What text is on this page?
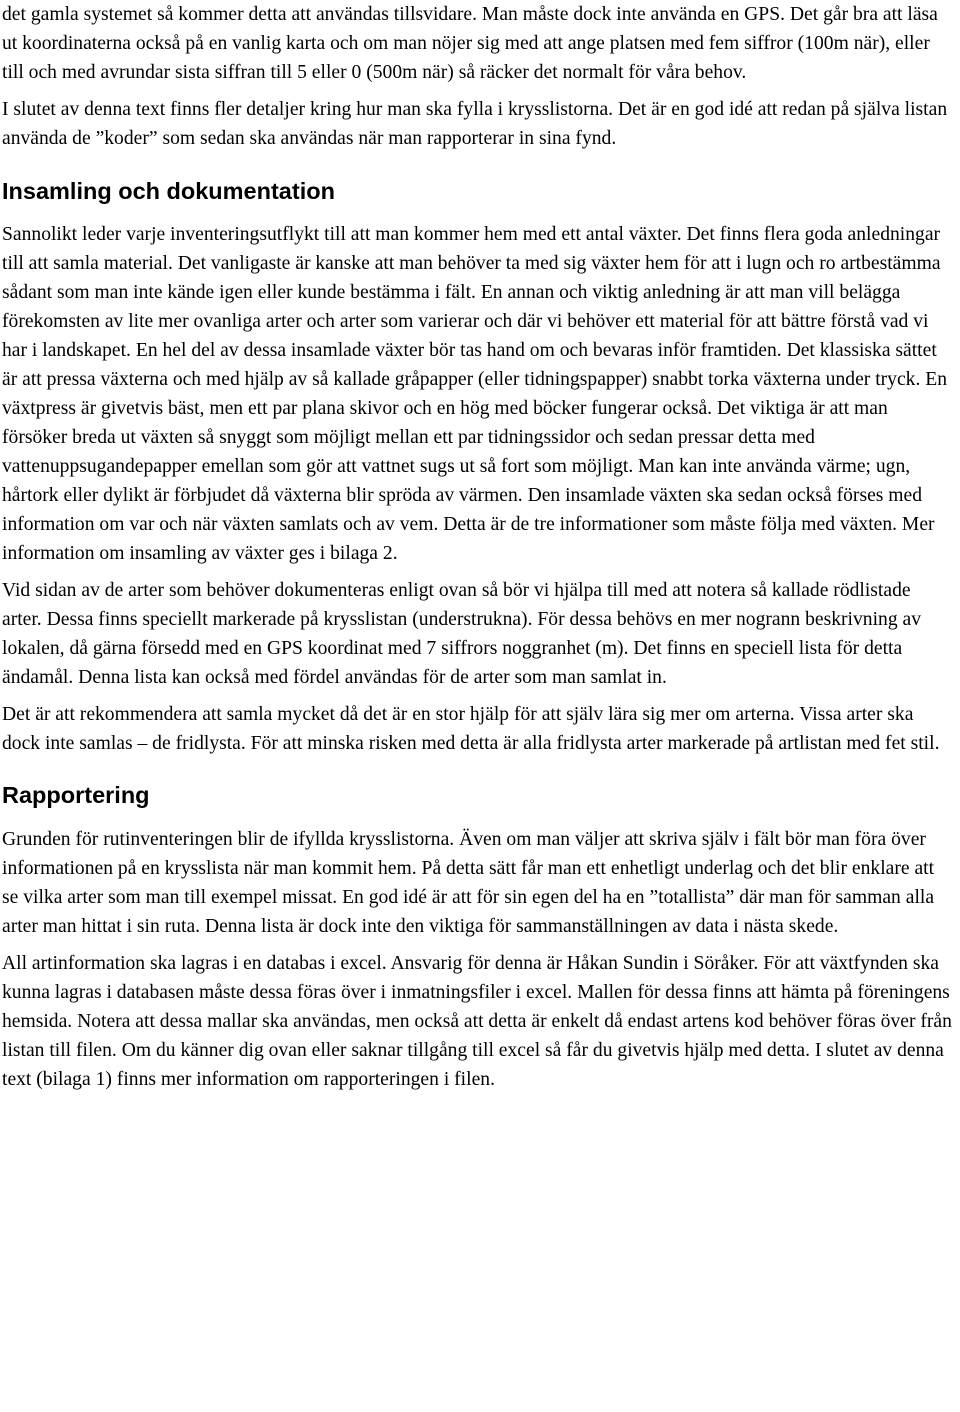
det gamla systemet så kommer detta att användas tillsvidare. Man måste dock inte använda en GPS. Det går bra att läsa ut koordinaterna också på en vanlig karta och om man nöjer sig med att ange platsen med fem siffror (100m när), eller till och med avrundar sista siffran till 5 eller 0 (500m när) så räcker det normalt för våra behov.

I slutet av denna text finns fler detaljer kring hur man ska fylla i krysslistorna. Det är en god idé att redan på själva listan använda de ”koder” som sedan ska användas när man rapporterar in sina fynd.

Insamling och dokumentation

Sannolikt leder varje inventeringsutflykt till att man kommer hem med ett antal växter. Det finns flera goda anledningar till att samla material. Det vanligaste är kanske att man behöver ta med sig växter hem för att i lugn och ro artbestämma sådant som man inte kände igen eller kunde bestämma i fält. En annan och viktig anledning är att man vill belägga förekomsten av lite mer ovanliga arter och arter som varierar och där vi behöver ett material för att bättre förstå vad vi har i landskapet. En hel del av dessa insamlade växter bör tas hand om och bevaras inför framtiden. Det klassiska sättet är att pressa växterna och med hjälp av så kallade gråpapper (eller tidningspapper) snabbt torka växterna under tryck. En växtpress är givetvis bäst, men ett par plana skivor och en hög med böcker fungerar också. Det viktiga är att man försöker breda ut växten så snyggt som möjligt mellan ett par tidningssidor och sedan pressar detta med vattenuppsugandepapper emellan som gör att vattnet sugs ut så fort som möjligt. Man kan inte använda värme; ugn, hårtork eller dylikt är förbjudet då växterna blir spröda av värmen. Den insamlade växten ska sedan också förses med information om var och när växten samlats och av vem. Detta är de tre informationer som måste följa med växten. Mer information om insamling av växter ges i bilaga 2.

Vid sidan av de arter som behöver dokumenteras enligt ovan så bör vi hjälpa till med att notera så kallade rödlistade arter. Dessa finns speciellt markerade på krysslistan (understrukna). För dessa behövs en mer nogrann beskrivning av lokalen, då gärna försedd med en GPS koordinat med 7 siffrors noggranhet (m). Det finns en speciell lista för detta ändamål. Denna lista kan också med fördel användas för de arter som man samlat in.

Det är att rekommendera att samla mycket då det är en stor hjälp för att själv lära sig mer om arterna. Vissa arter ska dock inte samlas – de fridlysta. För att minska risken med detta är alla fridlysta arter markerade på artlistan med fet stil.

Rapportering

Grunden för rutinventeringen blir de ifyllda krysslistorna. Även om man väljer att skriva själv i fält bör man föra över informationen på en krysslista när man kommit hem. På detta sätt får man ett enhetligt underlag och det blir enklare att se vilka arter som man till exempel missat. En god idé är att för sin egen del ha en ”totallista” där man för samman alla arter man hittat i sin ruta. Denna lista är dock inte den viktiga för sammanställningen av data i nästa skede.

All artinformation ska lagras i en databas i excel. Ansvarig för denna är Håkan Sundin i Söråker. För att växtfynden ska kunna lagras i databasen måste dessa föras över i inmatningsfiler i excel. Mallen för dessa finns att hämta på föreningens hemsida. Notera att dessa mallar ska användas, men också att detta är enkelt då endast artens kod behöver föras över från listan till filen. Om du känner dig ovan eller saknar tillgång till excel så får du givetvis hjälp med detta. I slutet av denna text (bilaga 1) finns mer information om rapporteringen i filen.
